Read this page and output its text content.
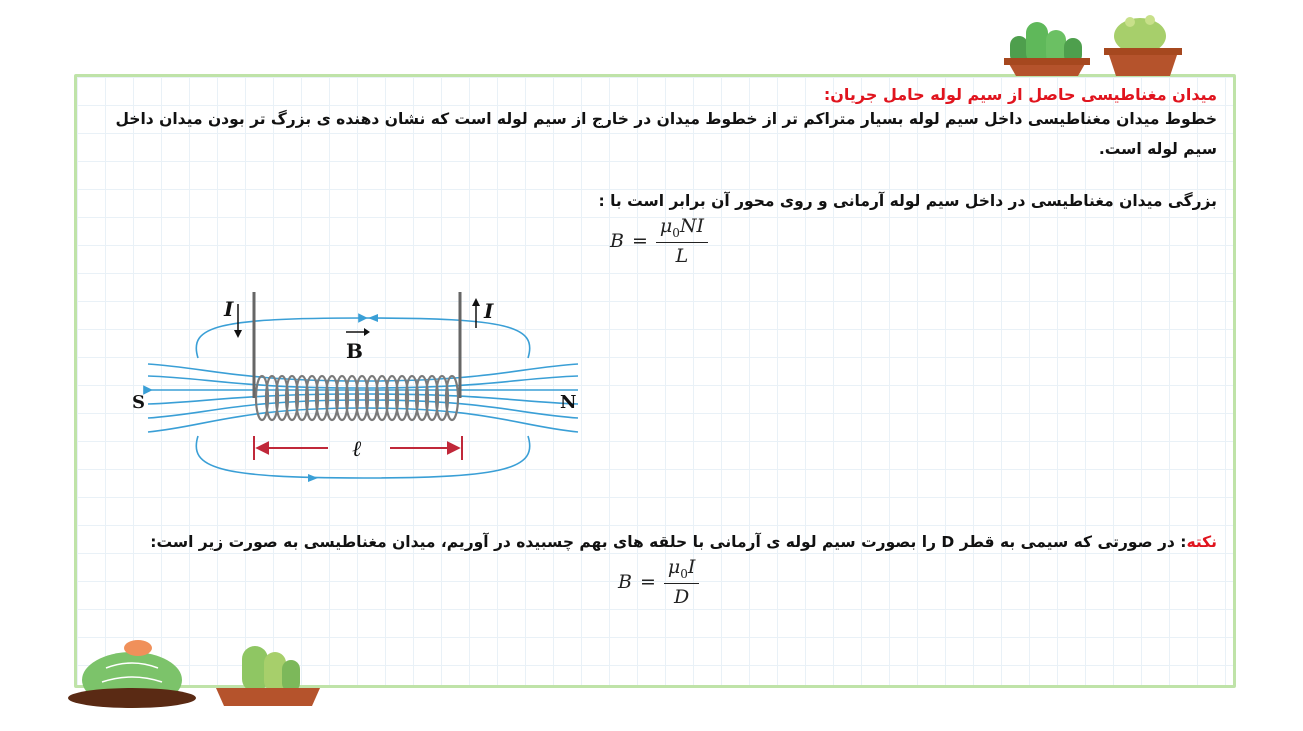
میدان مغناطیسی حاصل از سیم لوله حامل جریان:
خطوط میدان مغناطیسی داخل سیم لوله بسیار متراکم تر از خطوط میدان در خارج از سیم لوله است که نشان دهنده ی بزرگ تر بودن میدان داخل سیم لوله است.
بزرگی میدان مغناطیسی در داخل سیم لوله آرمانی و روی محور آن برابر است با :
$B = \frac{\mu_0NI}{L}$
I	I
B
ℓ
S	N
نکته: در صورتی که سیمی به قطر D را بصورت سیم لوله ی آرمانی با حلقه های بهم چسبیده در آوریم، میدان مغناطیسی به صورت زیر است:
$B = \frac{\mu_0I}{D}$
